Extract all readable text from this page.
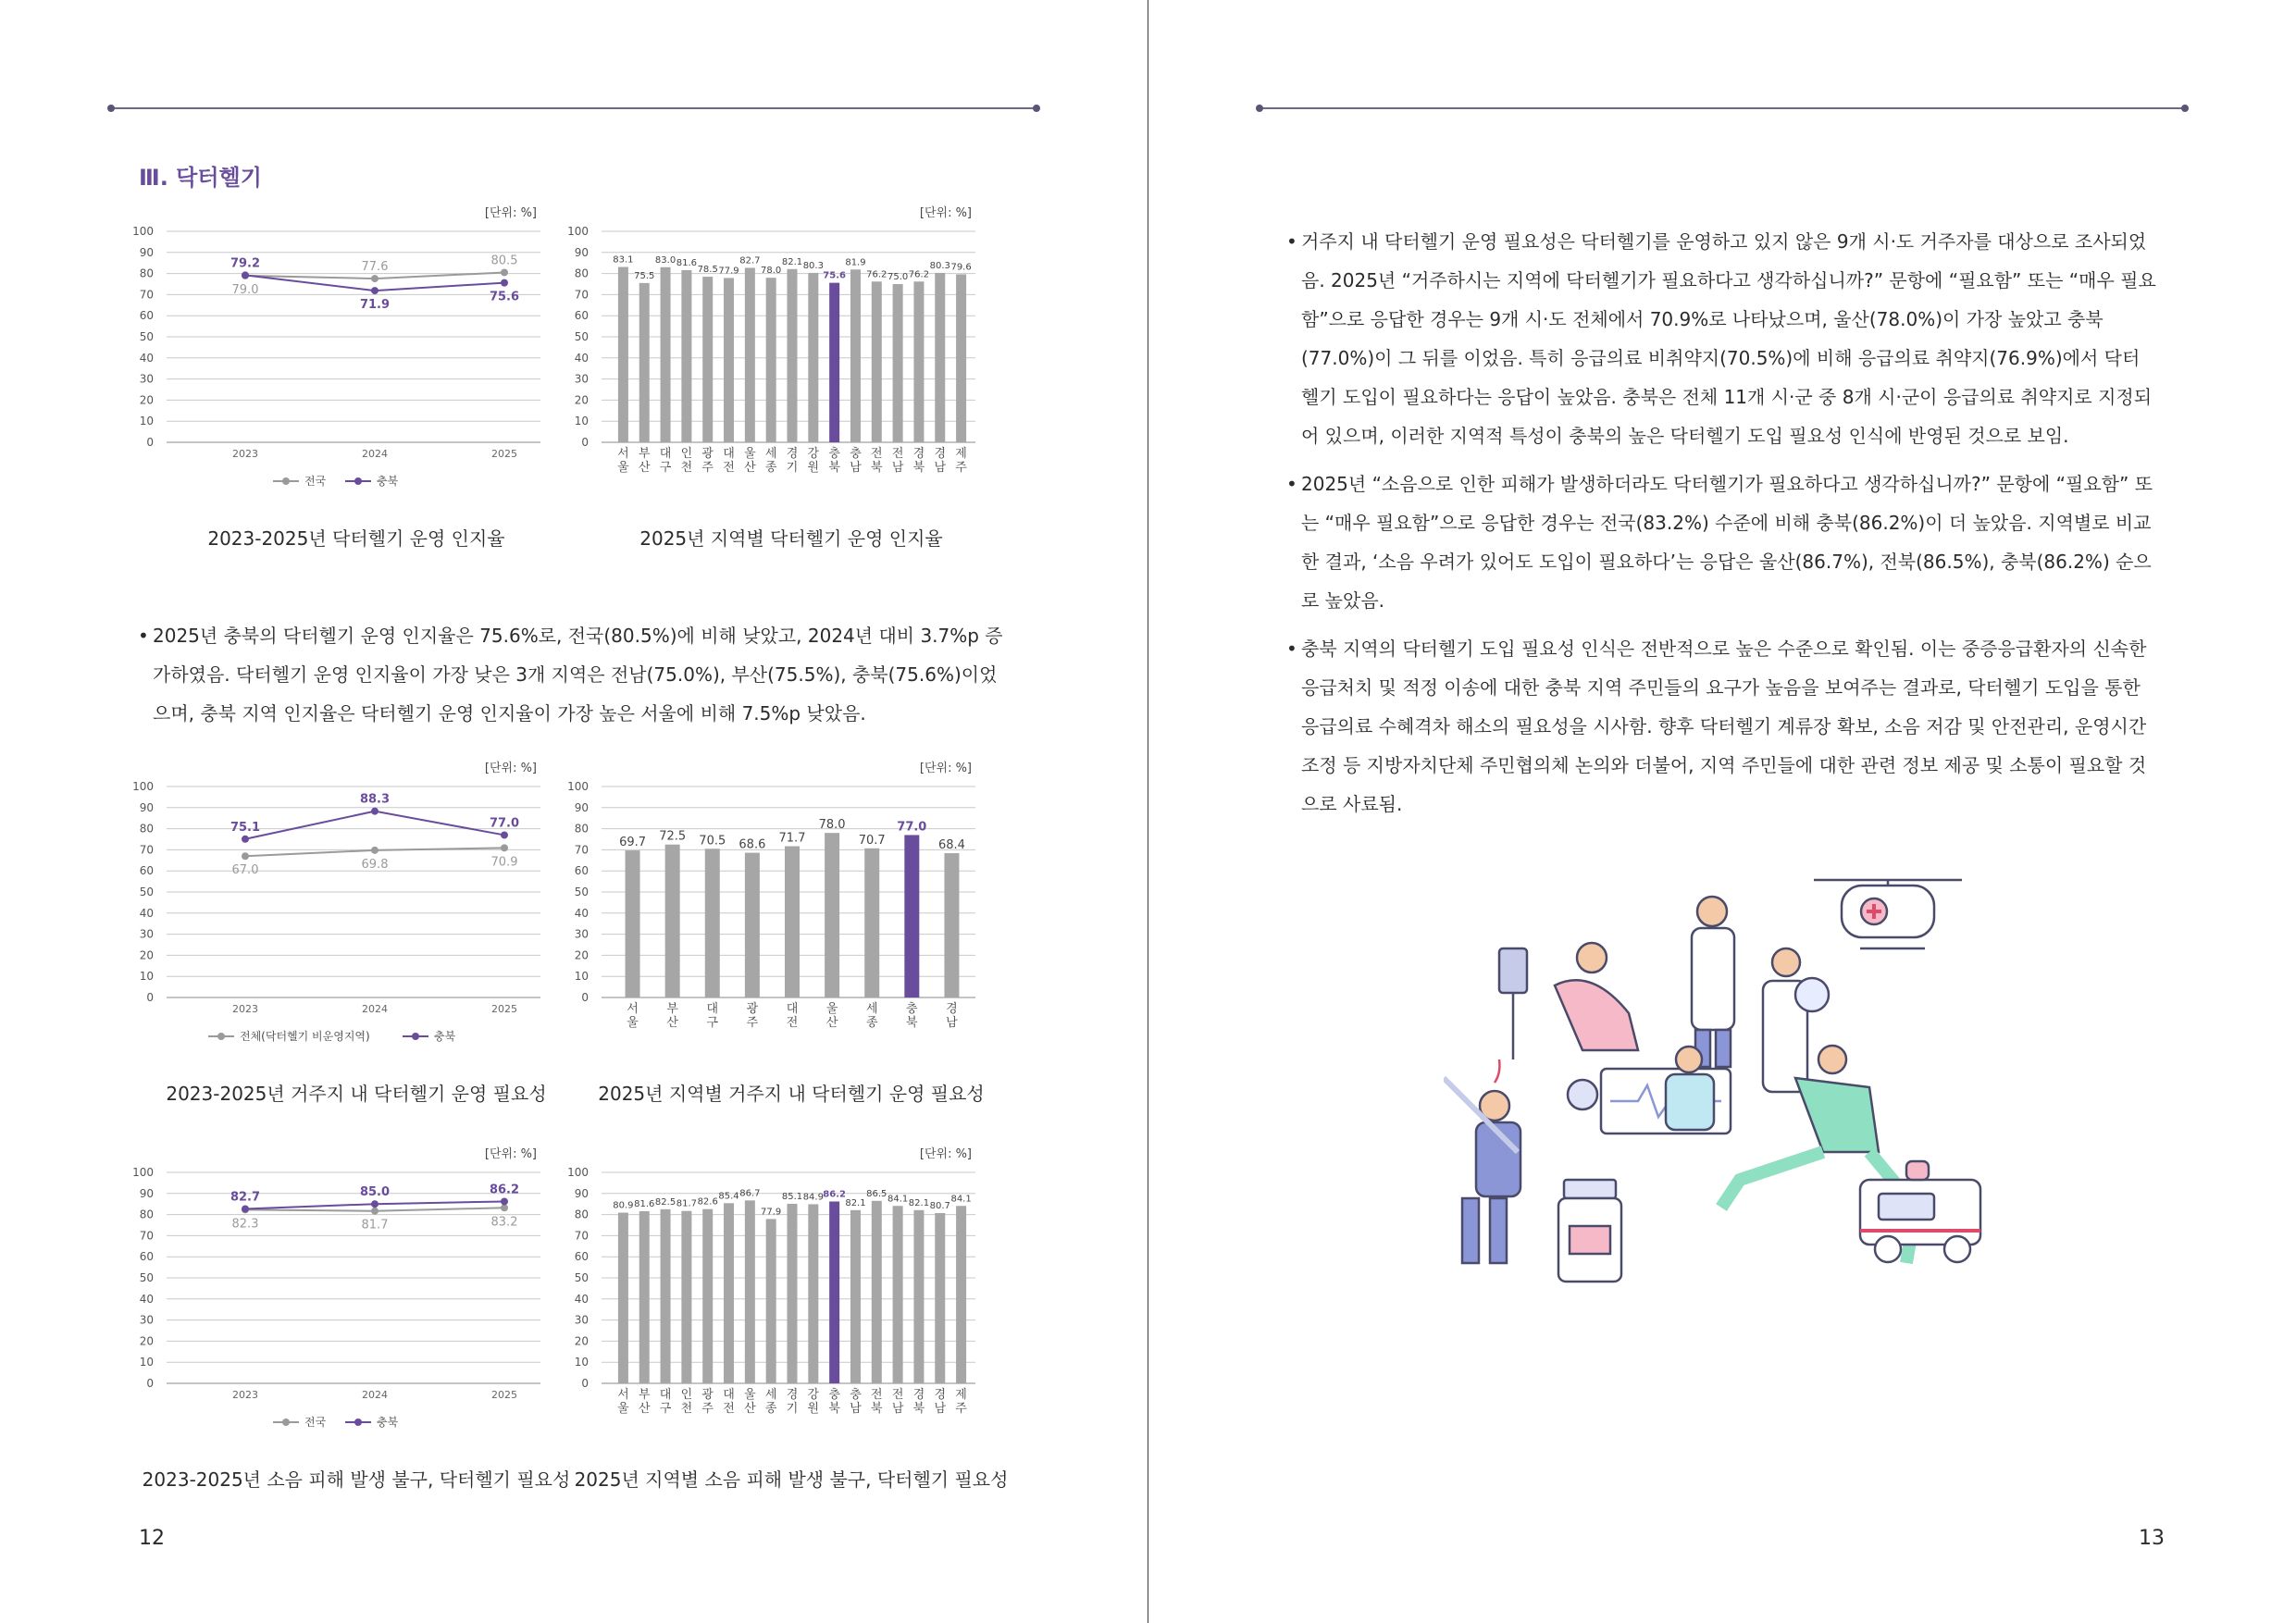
Ⅲ. 닥터헬기
[단위: %]
0
10
20
30
40
50
60
70
80
90
100
2023	2024	2025
79.0
77.6	80.5
79.2
71.9
75.6
전국	충북
[단위: %]
0
10
20
30
40
50
60
70
80
90
100
83.1
서
울
75.5
부
산
83.0
대
구
81.6
인
천
78.5
광
주
77.9
대
전
82.7
울
산
78.0
세
종
82.1
경
기
80.3
강
원
75.6
충
북
81.9
충
남
76.2
전
북
75.0
전
남
76.2
경
북
80.3
경
남
79.6
제
주
2023-2025년 닥터헬기 운영 인지율	2025년 지역별 닥터헬기 운영 인지율
• 2025년 충북의 닥터헬기 운영 인지율은 75.6%로, 전국(80.5%)에 비해 낮았고, 2024년 대비 3.7%p 증가하였음. 닥터헬기 운영 인지율이 가장 낮은 3개 지역은 전남(75.0%), 부산(75.5%), 충북(75.6%)이었으며, 충북 지역 인지율은 닥터헬기 운영 인지율이 가장 높은 서울에 비해 7.5%p 낮았음.
[단위: %]
0
10
20
30
40
50
60
70
80
90
100
2023	2024	2025
67.0	69.8	70.9
75.1
88.3
77.0
전체(닥터헬기 비운영지역)	충북
[단위: %]
0
10
20
30
40
50
60
70
80
90
100
69.7
서
울
72.5
부
산
70.5
대
구
68.6
광
주
71.7
대
전
78.0
울
산
70.7
세
종
77.0
충
북
68.4
경
남
2023-2025년 거주지 내 닥터헬기 운영 필요성	2025년 지역별 거주지 내 닥터헬기 운영 필요성
[단위: %]
0
10
20
30
40
50
60
70
80
90
100
2023	2024	2025
82.3	81.7	83.2
82.7	85.0	86.2
전국	충북
[단위: %]
0
10
20
30
40
50
60
70
80
90
100
80.9
서
울
81.6
부
산
82.5
대
구
81.7
인
천
82.6
광
주
85.4
대
전
86.7
울
산
77.9
세
종
85.1
경
기
84.9
강
원
86.2
충
북
82.1
충
남
86.5
전
북
84.1
전
남
82.1
경
북
80.7
경
남
84.1
제
주
2023-2025년 소음 피해 발생 불구, 닥터헬기 필요성 2025년 지역별 소음 피해 발생 불구, 닥터헬기 필요성
12
• 거주지 내 닥터헬기 운영 필요성은 닥터헬기를 운영하고 있지 않은 9개 시·도 거주자를 대상으로 조사되었음. 2025년 “거주하시는 지역에 닥터헬기가 필요하다고 생각하십니까?” 문항에 “필요함” 또는 “매우 필요함”으로 응답한 경우는 9개 시·도 전체에서 70.9%로 나타났으며, 울산(78.0%)이 가장 높았고 충북(77.0%)이 그 뒤를 이었음. 특히 응급의료 비취약지(70.5%)에 비해 응급의료 취약지(76.9%)에서 닥터헬기 도입이 필요하다는 응답이 높았음. 충북은 전체 11개 시·군 중 8개 시·군이 응급의료 취약지로 지정되어 있으며, 이러한 지역적 특성이 충북의 높은 닥터헬기 도입 필요성 인식에 반영된 것으로 보임.
• 2025년 “소음으로 인한 피해가 발생하더라도 닥터헬기가 필요하다고 생각하십니까?” 문항에 “필요함” 또는 “매우 필요함”으로 응답한 경우는 전국(83.2%) 수준에 비해 충북(86.2%)이 더 높았음. 지역별로 비교한 결과, ‘소음 우려가 있어도 도입이 필요하다’는 응답은 울산(86.7%), 전북(86.5%), 충북(86.2%) 순으로 높았음.
• 충북 지역의 닥터헬기 도입 필요성 인식은 전반적으로 높은 수준으로 확인됨. 이는 중증응급환자의 신속한 응급처치 및 적정 이송에 대한 충북 지역 주민들의 요구가 높음을 보여주는 결과로, 닥터헬기 도입을 통한 응급의료 수혜격차 해소의 필요성을 시사함. 향후 닥터헬기 계류장 확보, 소음 저감 및 안전관리, 운영시간 조정 등 지방자치단체 주민협의체 논의와 더불어, 지역 주민들에 대한 관련 정보 제공 및 소통이 필요할 것으로 사료됨.
13
